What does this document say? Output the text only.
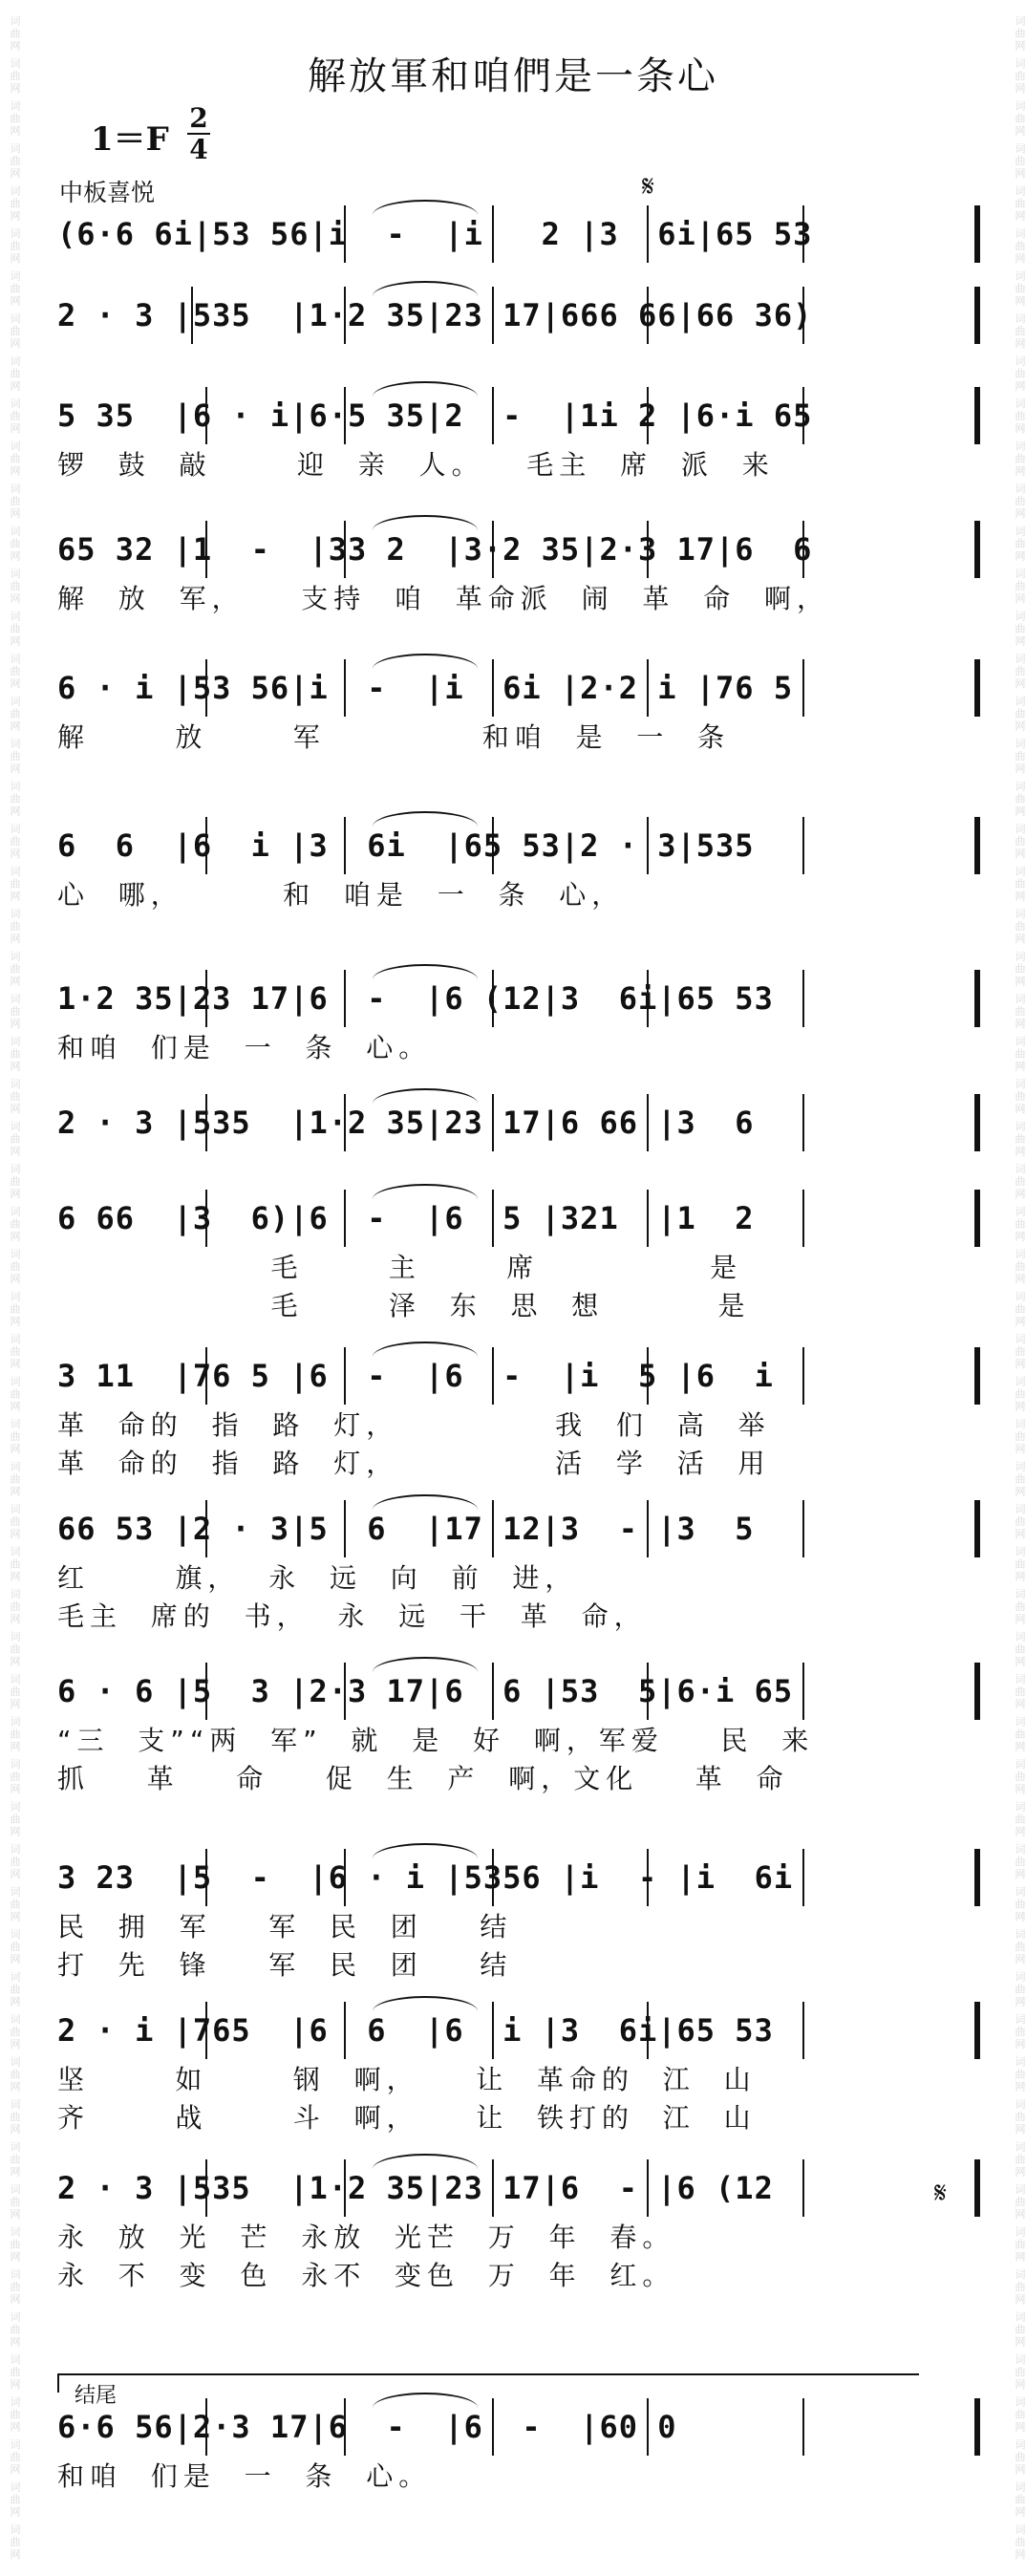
词曲网 词曲网 词曲网 词曲网 词曲网 词曲网 词曲网 词曲网 词曲网 词曲网 词曲网 词曲网 词曲网 词曲网 词曲网 词曲网 词曲网 词曲网 词曲网 词曲网 词曲网 词曲网 词曲网 词曲网 词曲网 词曲网 词曲网 词曲网 词曲网 词曲网 词曲网 词曲网 词曲网 词曲网 词曲网 词曲网 词曲网 词曲网 词曲网 词曲网 词曲网 词曲网 词曲网 词曲网 词曲网 词曲网 词曲网 词曲网 词曲网 词曲网 词曲网 词曲网 词曲网 词曲网 词曲网 词曲网 词曲网 词曲网 词曲网 词曲网	词曲网 词曲网 词曲网 词曲网 词曲网 词曲网 词曲网 词曲网 词曲网 词曲网 词曲网 词曲网 词曲网 词曲网 词曲网 词曲网 词曲网 词曲网 词曲网 词曲网 词曲网 词曲网 词曲网 词曲网 词曲网 词曲网 词曲网 词曲网 词曲网 词曲网 词曲网 词曲网 词曲网 词曲网 词曲网 词曲网 词曲网 词曲网 词曲网 词曲网 词曲网 词曲网 词曲网 词曲网 词曲网 词曲网 词曲网 词曲网 词曲网 词曲网 词曲网 词曲网 词曲网 词曲网 词曲网 词曲网 词曲网 词曲网 词曲网 词曲网
解放軍和咱們是一条心
$1=F \frac{2}{4}$
中板喜悦	𝄋
𝄋
(6·6 6i|53 56|i  -  |i   2 |3  6i|65 53
2 · 3 |535  |1·2 35|23 17|666 66|66 36)
5 35  |6 · i|6·5 35|2  -  |1i 2 |6·i 65
锣  鼓  敲      迎  亲  人。   毛主  席  派  来
65 32 |1  -  |33 2  |3·2 35|2·3 17|6  6
解  放  军，    支持  咱  革命派  闹  革  命  啊，
6 · i |53 56|i  -  |i  6i |2·2 i |76 5
解      放      军           和咱  是  一  条
6  6  |6  i |3  6i  |65 53|2 · 3|535
心  哪，       和  咱是  一  条  心，
1·2 35|23 17|6  -  |6 (12|3  6i|65 53
和咱  们是  一  条  心。
2 · 3 |535  |1·2 35|23 17|6 66 |3  6
6 66  |3  6)|6  -  |6  5 |321  |1  2
毛      主      席            是
毛      泽  东  思  想        是
3 11  |76 5 |6  -  |6  -  |i  5 |6  i
革  命的  指  路  灯，           我  们  高  举
革  命的  指  路  灯，           活  学  活  用
66 53 |2 · 3|5  6  |17 12|3  - |3  5
红      旗，  永  远  向  前  进，
毛主  席的  书，  永  远  干  革  命，
6 · 6 |5  3 |2·3 17|6  6 |53  5|6·i 65
“三  支”“两  军”  就  是  好  啊，军爱    民  来
抓    革    命    促  生  产  啊，文化    革  命
3 23  |5  -  |6 · i |5356 |i  - |i  6i
民  拥  军    军  民  团    结
打  先  锋    军  民  团    结
2 · i |765  |6  6  |6  i |3  6i|65 53
坚      如      钢  啊，    让  革命的  江  山
齐      战      斗  啊，    让  铁打的  江  山
2 · 3 |535  |1·2 35|23 17|6  - |6 (12
永  放  光  芒  永放  光芒  万  年  春。
永  不  变  色  永不  变色  万  年  红。
6·6 56|2·3 17|6  -  |6  -  |60 0
和咱  们是  一  条  心。
结尾
